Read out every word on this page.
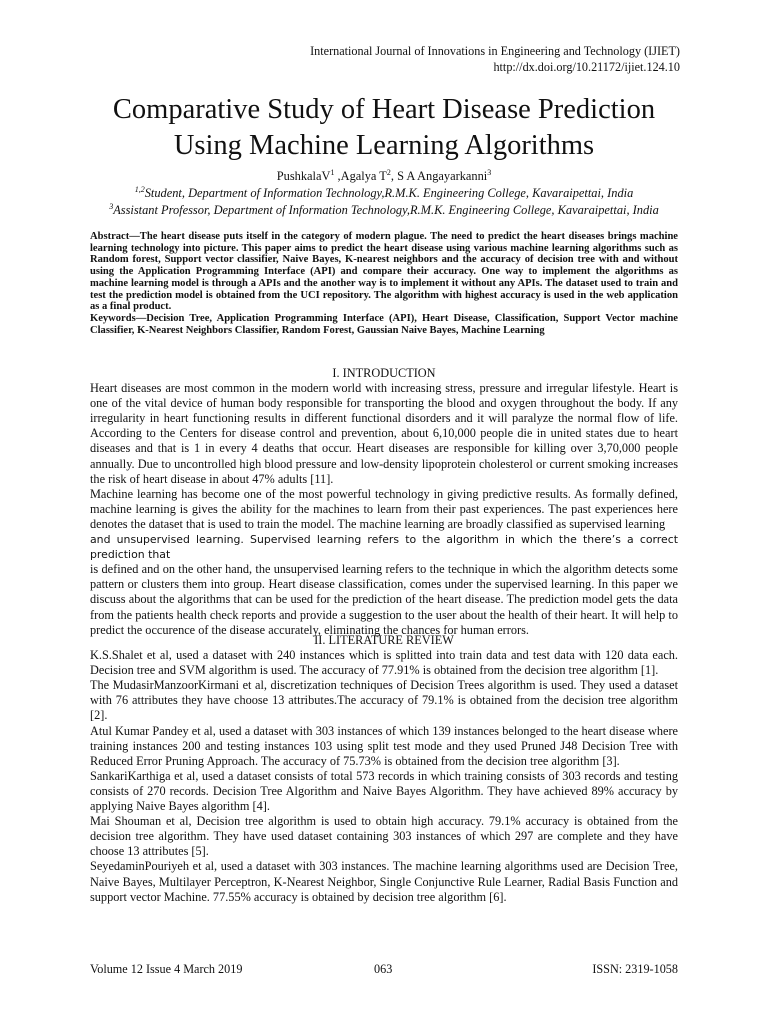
International Journal of Innovations in Engineering and Technology (IJIET)
http://dx.doi.org/10.21172/ijiet.124.10
Comparative Study of Heart Disease Prediction
Using Machine Learning Algorithms
PushkalaV$^1$ ,Agalya $T^2$, S A Angayarkanni$^3$
$^{1,2}$Student, Department of Information Technology,R.M.K. Engineering College, Kavaraipettai, India
$^3$Assistant Professor, Department of Information Technology,R.M.K. Engineering College, Kavaraipettai, India

Abstract—The heart disease puts itself in the category of modern plague. The need to predict the heart diseases brings machine learning technology into picture. This paper aims to predict the heart disease using various machine learning algorithms such as Random forest, Support vector classifier, Naive Bayes, K-nearest neighbors and the accuracy of decision tree with and without using the Application Programming Interface (API) and compare their accuracy. One way to implement the algorithms as machine learning model is through a APIs and the another way is to implement it without any APIs. The dataset used to train and test the prediction model is obtained from the UCI repository. The algorithm with highest accuracy is used in the web application as a final product.

Keywords—Decision Tree, Application Programming Interface (API), Heart Disease, Classification, Support Vector machine Classifier, K-Nearest Neighbors Classifier, Random Forest, Gaussian Naive Bayes, Machine Learning

I. INTRODUCTION

Heart diseases are most common in the modern world with increasing stress, pressure and irregular lifestyle. Heart is one of the vital device of human body responsible for transporting the blood and oxygen throughout the body. If any irregularity in heart functioning results in different functional disorders and it will paralyze the normal flow of life. According to the Centers for disease control and prevention, about 6,10,000 people die in united states due to heart diseases and that is 1 in every 4 deaths that occur. Heart diseases are responsible for killing over 3,70,000 people annually. Due to uncontrolled high blood pressure and low-density lipoprotein cholesterol or current smoking increases the risk of heart disease in about 47% adults [11].

Machine learning has become one of the most powerful technology in giving predictive results. As formally defined, machine learning is gives the ability for the machines to learn from their past experiences. The past experiences here denotes the dataset that is used to train the model. The machine learning are broadly classified as supervised learning

and unsupervised learning. Supervised learning refers to the algorithm in which the there’s a correct prediction that

is defined and on the other hand, the unsupervised learning refers to the technique in which the algorithm detects some pattern or clusters them into group. Heart disease classification, comes under the supervised learning. In this paper we discuss about the algorithms that can be used for the prediction of the heart disease. The prediction model gets the data from the patients health check reports and provide a suggestion to the user about the health of their heart. It will help to predict the occurence of the disease accurately, eliminating the chances for human errors.

II. LITERATURE REVIEW

K.S.Shalet et al, used a dataset with 240 instances which is splitted into train data and test data with 120 data each. Decision tree and SVM algorithm is used. The accuracy of 77.91% is obtained from the decision tree algorithm [1].

The MudasirManzoorKirmani et al, discretization techniques of Decision Trees algorithm is used. They used a dataset with 76 attributes they have choose 13 attributes.The accuracy of 79.1% is obtained from the decision tree algorithm [2].

Atul Kumar Pandey et al, used a dataset with 303 instances of which 139 instances belonged to the heart disease where training instances 200 and testing instances 103 using split test mode and they used Pruned J48 Decision Tree with Reduced Error Pruning Approach. The accuracy of 75.73% is obtained from the decision tree algorithm [3].

SankariKarthiga et al, used a dataset consists of total 573 records in which training consists of 303 records and testing consists of 270 records. Decision Tree Algorithm and Naive Bayes Algorithm. They have achieved 89% accuracy by applying Naive Bayes algorithm [4].

Mai Shouman et al, Decision tree algorithm is used to obtain high accuracy. 79.1% accuracy is obtained from the decision tree algorithm. They have used dataset containing 303 instances of which 297 are complete and they have choose 13 attributes [5].

SeyedaminPouriyeh et al, used a dataset with 303 instances. The machine learning algorithms used are Decision Tree, Naive Bayes, Multilayer Perceptron, K-Nearest Neighbor, Single Conjunctive Rule Learner, Radial Basis Function and support vector Machine. 77.55% accuracy is obtained by decision tree algorithm [6].

Volume 12 Issue 4 March 2019	063	ISSN: 2319-1058
